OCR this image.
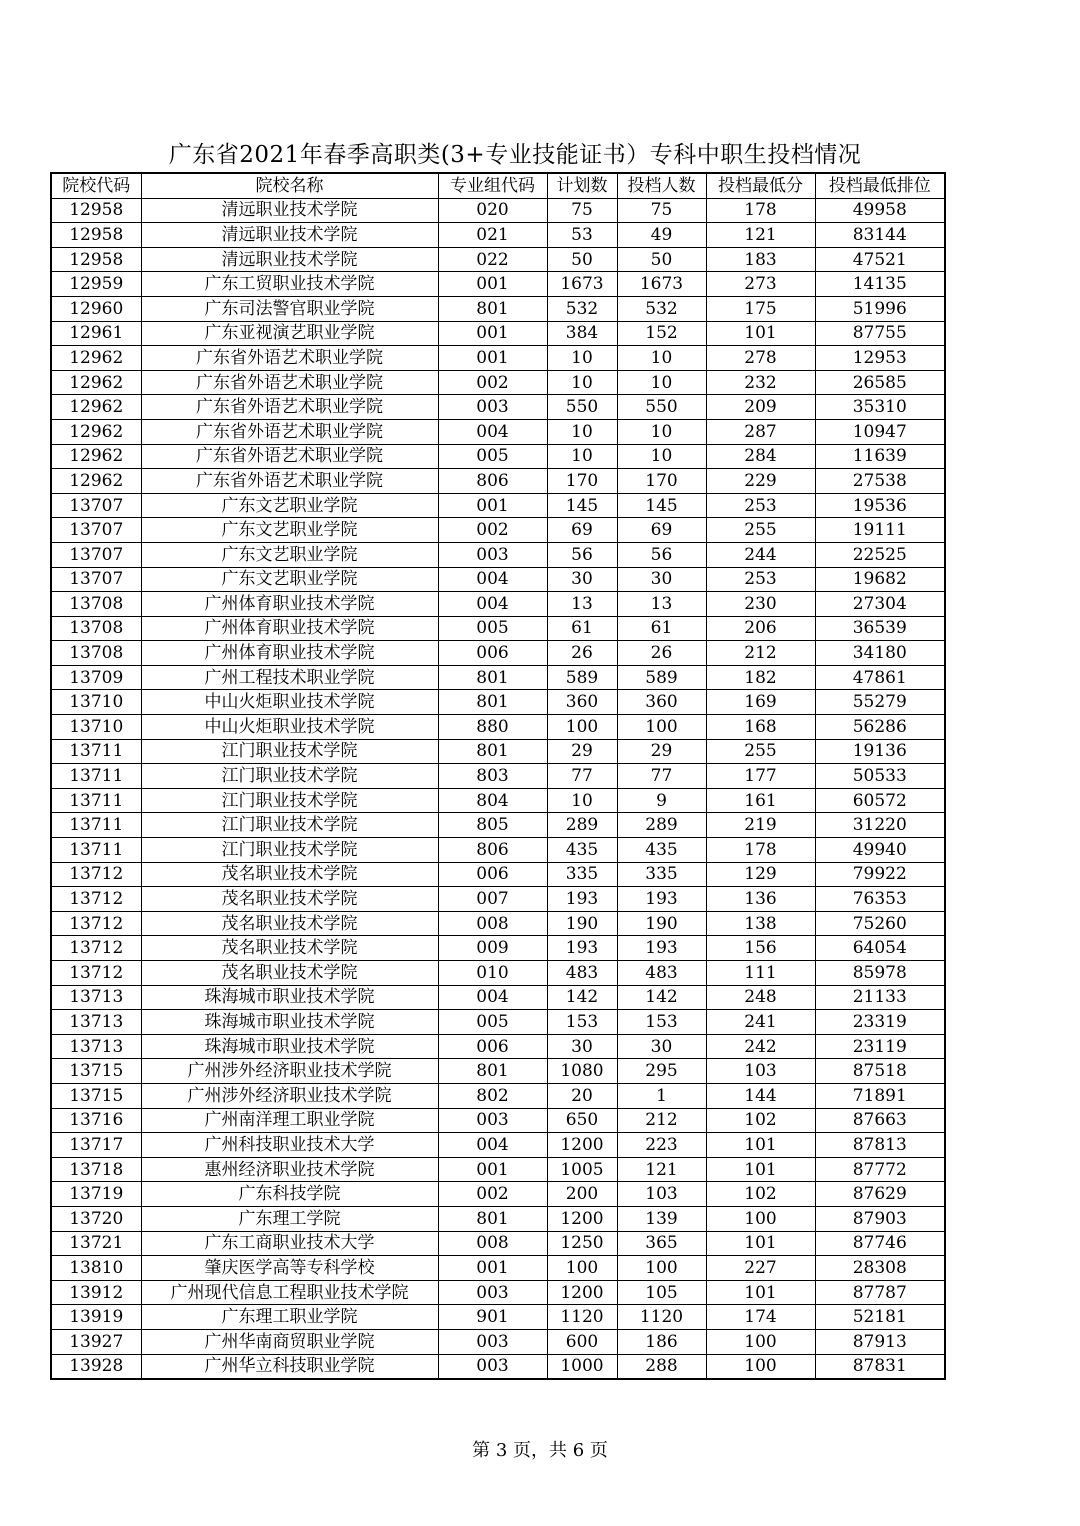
广东省2021年春季高职类(3+专业技能证书）专科中职生投档情况
院校代码	院校名称	专业组代码	计划数	投档人数	投档最低分	投档最低排位
12958	清远职业技术学院	020	75	75	178	49958
12958	清远职业技术学院	021	53	49	121	83144
12958	清远职业技术学院	022	50	50	183	47521
12959	广东工贸职业技术学院	001	1673	1673	273	14135
12960	广东司法警官职业学院	801	532	532	175	51996
12961	广东亚视演艺职业学院	001	384	152	101	87755
12962	广东省外语艺术职业学院	001	10	10	278	12953
12962	广东省外语艺术职业学院	002	10	10	232	26585
12962	广东省外语艺术职业学院	003	550	550	209	35310
12962	广东省外语艺术职业学院	004	10	10	287	10947
12962	广东省外语艺术职业学院	005	10	10	284	11639
12962	广东省外语艺术职业学院	806	170	170	229	27538
13707	广东文艺职业学院	001	145	145	253	19536
13707	广东文艺职业学院	002	69	69	255	19111
13707	广东文艺职业学院	003	56	56	244	22525
13707	广东文艺职业学院	004	30	30	253	19682
13708	广州体育职业技术学院	004	13	13	230	27304
13708	广州体育职业技术学院	005	61	61	206	36539
13708	广州体育职业技术学院	006	26	26	212	34180
13709	广州工程技术职业学院	801	589	589	182	47861
13710	中山火炬职业技术学院	801	360	360	169	55279
13710	中山火炬职业技术学院	880	100	100	168	56286
13711	江门职业技术学院	801	29	29	255	19136
13711	江门职业技术学院	803	77	77	177	50533
13711	江门职业技术学院	804	10	9	161	60572
13711	江门职业技术学院	805	289	289	219	31220
13711	江门职业技术学院	806	435	435	178	49940
13712	茂名职业技术学院	006	335	335	129	79922
13712	茂名职业技术学院	007	193	193	136	76353
13712	茂名职业技术学院	008	190	190	138	75260
13712	茂名职业技术学院	009	193	193	156	64054
13712	茂名职业技术学院	010	483	483	111	85978
13713	珠海城市职业技术学院	004	142	142	248	21133
13713	珠海城市职业技术学院	005	153	153	241	23319
13713	珠海城市职业技术学院	006	30	30	242	23119
13715	广州涉外经济职业技术学院	801	1080	295	103	87518
13715	广州涉外经济职业技术学院	802	20	1	144	71891
13716	广州南洋理工职业学院	003	650	212	102	87663
13717	广州科技职业技术大学	004	1200	223	101	87813
13718	惠州经济职业技术学院	001	1005	121	101	87772
13719	广东科技学院	002	200	103	102	87629
13720	广东理工学院	801	1200	139	100	87903
13721	广东工商职业技术大学	008	1250	365	101	87746
13810	肇庆医学高等专科学校	001	100	100	227	28308
13912	广州现代信息工程职业技术学院	003	1200	105	101	87787
13919	广东理工职业学院	901	1120	1120	174	52181
13927	广州华南商贸职业学院	003	600	186	100	87913
13928	广州华立科技职业学院	003	1000	288	100	87831
第 3 页，共 6 页
